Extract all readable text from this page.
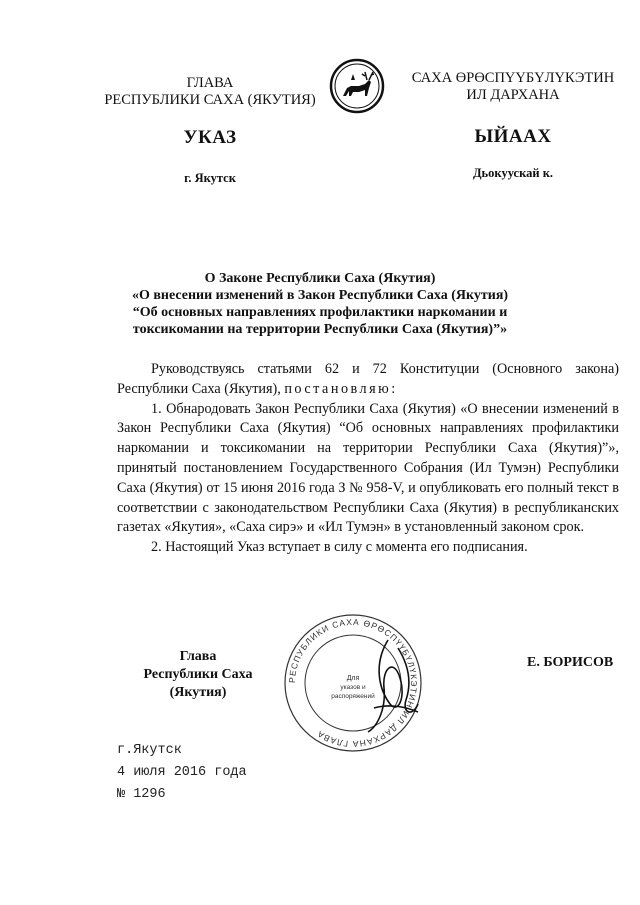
ГЛАВА
РЕСПУБЛИКИ САХА (ЯКУТИЯ)
УКАЗ
г. Якутск
САХА ӨРӨСПҮҮБҮЛҮКЭТИН
ИЛ ДАРХАНА
ЫЙААХ
Дьокуускай к.
О Законе Республики Саха (Якутия)
«О внесении изменений в Закон Республики Саха (Якутия)
“Об основных направлениях профилактики наркомании и
токсикомании на территории Республики Саха (Якутия)”»

Руководствуясь статьями 62 и 72 Конституции (Основного закона) Республики Саха (Якутия), постановляю:

1. Обнародовать Закон Республики Саха (Якутия) «О внесении изменений в Закон Республики Саха (Якутия) “Об основных направлениях профилактики наркомании и токсикомании на территории Республики Саха (Якутия)”», принятый постановлением Государственного Собрания (Ил Тумэн) Республики Саха (Якутия) от 15 июня 2016 года З № 958-V, и опубликовать его полный текст в соответствии с законодательством Республики Саха (Якутия) в республиканских газетах «Якутия», «Саха сирэ» и «Ил Тумэн» в установленный законом срок.

2. Настоящий Указ вступает в силу с момента его подписания.

Глава
Республики Саха (Якутия)
РЕСПУБЛИКИ САХА ӨРӨСПҮҮБҮЛҮКЭТИН ИЛ ДАРХАНА ГЛАВА
Для
указов и
распоряжений
Е. БОРИСОВ
г.Якутск
4 июля 2016 года
№ 1296
